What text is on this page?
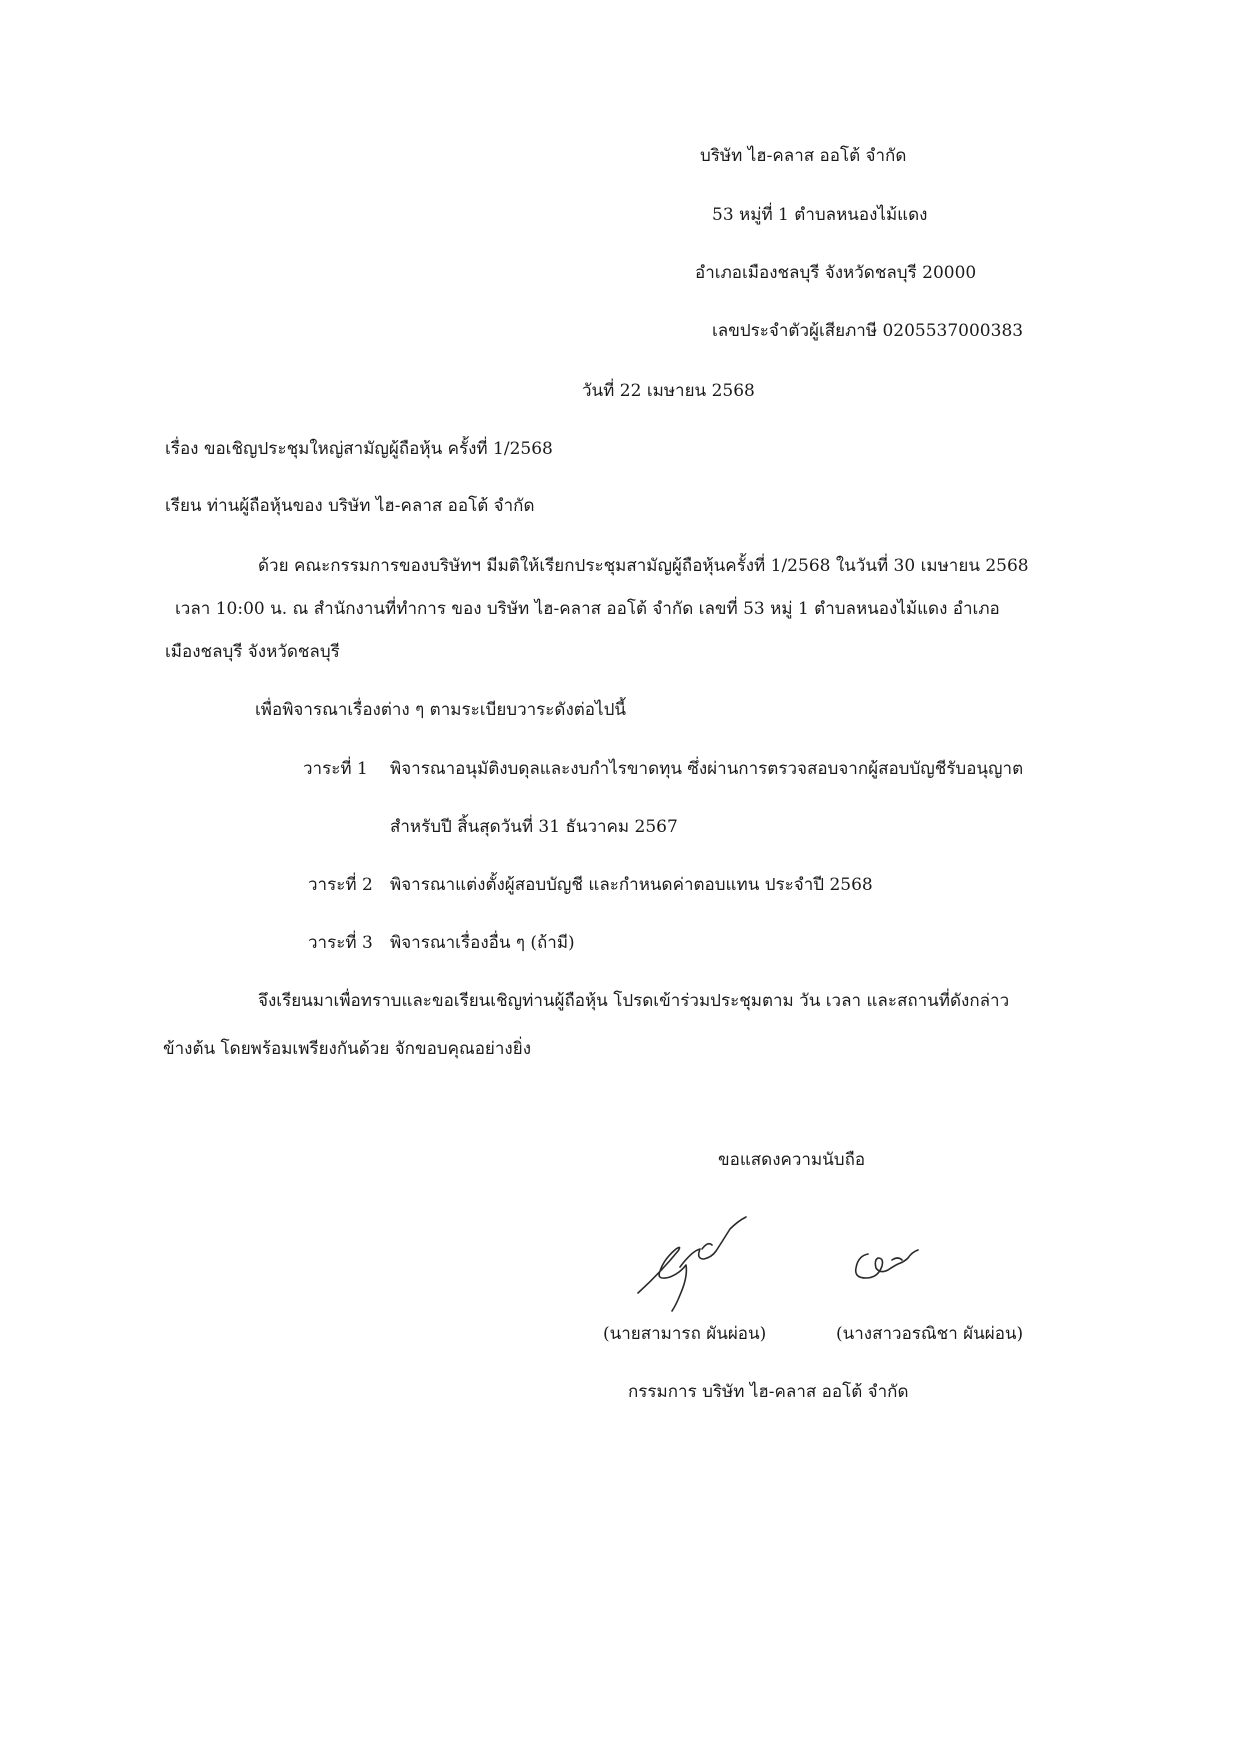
บริษัท ไฮ-คลาส ออโต้ จำกัด
53 หมู่ที่ 1 ตำบลหนองไม้แดง
อำเภอเมืองชลบุรี จังหวัดชลบุรี 20000
เลขประจำตัวผู้เสียภาษี 0205537000383
วันที่ 22 เมษายน 2568
เรื่อง ขอเชิญประชุมใหญ่สามัญผู้ถือหุ้น ครั้งที่ 1/2568
เรียน ท่านผู้ถือหุ้นของ บริษัท ไฮ-คลาส ออโต้ จำกัด
ด้วย คณะกรรมการของบริษัทฯ มีมติให้เรียกประชุมสามัญผู้ถือหุ้นครั้งที่ 1/2568 ในวันที่ 30 เมษายน 2568
เวลา 10:00 น. ณ สำนักงานที่ทำการ ของ บริษัท ไฮ-คลาส ออโต้ จำกัด เลขที่ 53 หมู่ 1 ตำบลหนองไม้แดง อำเภอ
เมืองชลบุรี จังหวัดชลบุรี
เพื่อพิจารณาเรื่องต่าง ๆ ตามระเบียบวาระดังต่อไปนี้
วาระที่ 1 พิจารณาอนุมัติงบดุลและงบกำไรขาดทุน ซึ่งผ่านการตรวจสอบจากผู้สอบบัญชีรับอนุญาต
สำหรับปี สิ้นสุดวันที่ 31 ธันวาคม 2567
วาระที่ 2 พิจารณาแต่งตั้งผู้สอบบัญชี และกำหนดค่าตอบแทน ประจำปี 2568
วาระที่ 3 พิจารณาเรื่องอื่น ๆ (ถ้ามี)
จึงเรียนมาเพื่อทราบและขอเรียนเชิญท่านผู้ถือหุ้น โปรดเข้าร่วมประชุมตาม วัน เวลา และสถานที่ดังกล่าว
ข้างต้น โดยพร้อมเพรียงกันด้วย จักขอบคุณอย่างยิ่ง
ขอแสดงความนับถือ
(นายสามารถ ผันผ่อน)	(นางสาวอรณิชา ผันผ่อน)
กรรมการ บริษัท ไฮ-คลาส ออโต้ จำกัด
